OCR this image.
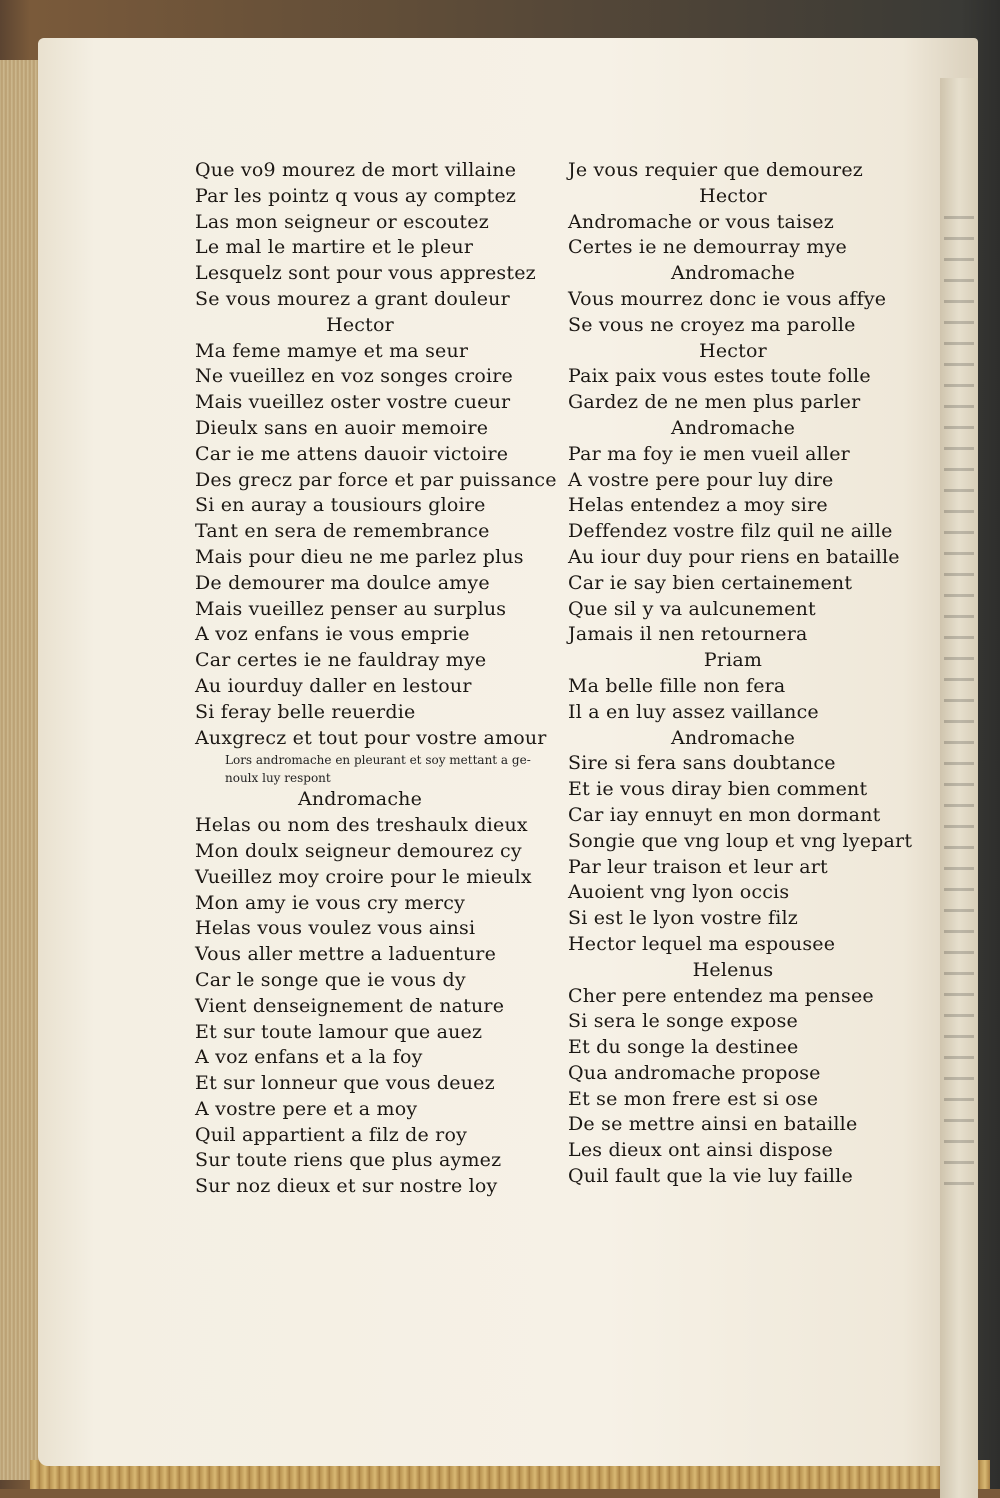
Que vo9 mourez de mort villaine
Par les pointz q vous ay comptez
Las mon seigneur or escoutez
Le mal le martire et le pleur
Lesquelz sont pour vous apprestez
Se vous mourez a grant douleur
Hector
Ma feme mamye et ma seur
Ne vueillez en voz songes croire
Mais vueillez oster vostre cueur
Dieulx sans en auoir memoire
Car ie me attens dauoir victoire
Des grecz par force et par puissance
Si en auray a tousiours gloire
Tant en sera de remembrance
Mais pour dieu ne me parlez plus
De demourer ma doulce amye
Mais vueillez penser au surplus
A voz enfans ie vous emprie
Car certes ie ne fauldray mye
Au iourduy daller en lestour
Si feray belle reuerdie
Auxgrecz et tout pour vostre amour
Lors andromache en pleurant et soy mettant a ge-
noulx luy respont
Andromache
Helas ou nom des treshaulx dieux
Mon doulx seigneur demourez cy
Vueillez moy croire pour le mieulx
Mon amy ie vous cry mercy
Helas vous voulez vous ainsi
Vous aller mettre a laduenture
Car le songe que ie vous dy
Vient denseignement de nature
Et sur toute lamour que auez
A voz enfans et a la foy
Et sur lonneur que vous deuez
A vostre pere et a moy
Quil appartient a filz de roy
Sur toute riens que plus aymez
Sur noz dieux et sur nostre loy
Je vous requier que demourez
Hector
Andromache or vous taisez
Certes ie ne demourray mye
Andromache
Vous mourrez donc ie vous affye
Se vous ne croyez ma parolle
Hector
Paix paix vous estes toute folle
Gardez de ne men plus parler
Andromache
Par ma foy ie men vueil aller
A vostre pere pour luy dire
Helas entendez a moy sire
Deffendez vostre filz quil ne aille
Au iour duy pour riens en bataille
Car ie say bien certainement
Que sil y va aulcunement
Jamais il nen retournera
Priam
Ma belle fille non fera
Il a en luy assez vaillance
Andromache
Sire si fera sans doubtance
Et ie vous diray bien comment
Car iay ennuyt en mon dormant
Songie que vng loup et vng lyepart
Par leur traison et leur art
Auoient vng lyon occis
Si est le lyon vostre filz
Hector lequel ma espousee
Helenus
Cher pere entendez ma pensee
Si sera le songe expose
Et du songe la destinee
Qua andromache propose
Et se mon frere est si ose
De se mettre ainsi en bataille
Les dieux ont ainsi dispose
Quil fault que la vie luy faille
